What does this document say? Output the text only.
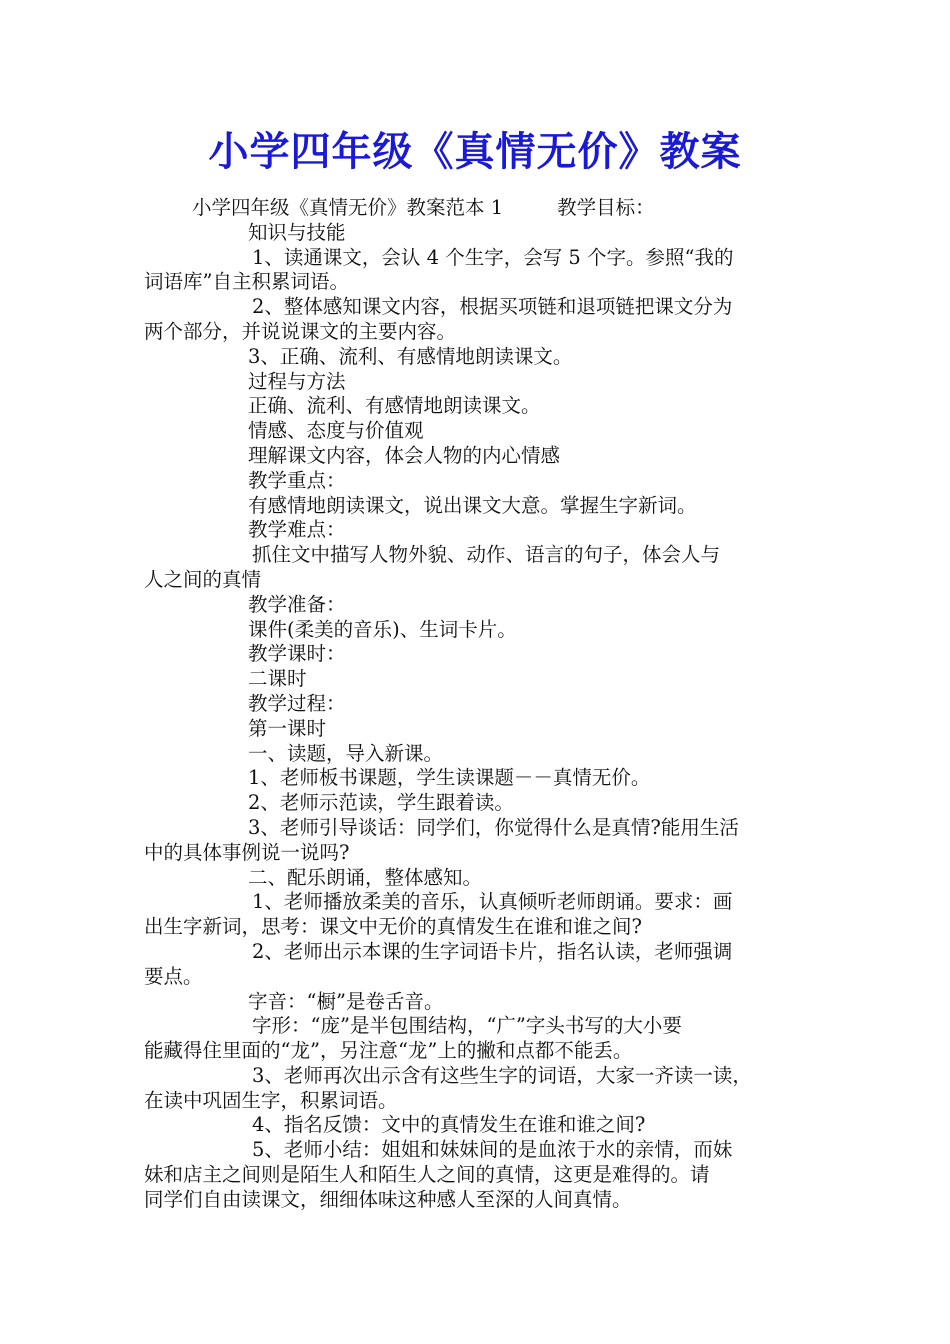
小学四年级《真情无价》教案
小学四年级《真情无价》教案范本 1	教学目标：
知识与技能
1、读通课文，会认 4 个生字，会写 5 个字。参照“我的
词语库”自主积累词语。
2、整体感知课文内容，根据买项链和退项链把课文分为
两个部分，并说说课文的主要内容。
3、正确、流利、有感情地朗读课文。
过程与方法
正确、流利、有感情地朗读课文。
情感、态度与价值观
理解课文内容，体会人物的内心情感
教学重点：
有感情地朗读课文，说出课文大意。掌握生字新词。
教学难点：
抓住文中描写人物外貌、动作、语言的句子，体会人与
人之间的真情
教学准备：
课件(柔美的音乐)、生词卡片。
教学课时：
二课时
教学过程：
第一课时
一、读题，导入新课。
1、老师板书课题，学生读课题－－真情无价。
2、老师示范读，学生跟着读。
3、老师引导谈话：同学们，你觉得什么是真情?能用生活
中的具体事例说一说吗?
二、配乐朗诵，整体感知。
1、老师播放柔美的音乐，认真倾听老师朗诵。要求：画
出生字新词，思考：课文中无价的真情发生在谁和谁之间?
2、老师出示本课的生字词语卡片，指名认读，老师强调
要点。
字音：“橱”是卷舌音。
字形：“庞”是半包围结构，“广”字头书写的大小要
能藏得住里面的“龙”，另注意“龙”上的撇和点都不能丢。
3、老师再次出示含有这些生字的词语，大家一齐读一读，
在读中巩固生字，积累词语。
4、指名反馈：文中的真情发生在谁和谁之间?
5、老师小结：姐姐和妹妹间的是血浓于水的亲情，而妹
妹和店主之间则是陌生人和陌生人之间的真情，这更是难得的。请
同学们自由读课文，细细体味这种感人至深的人间真情。
